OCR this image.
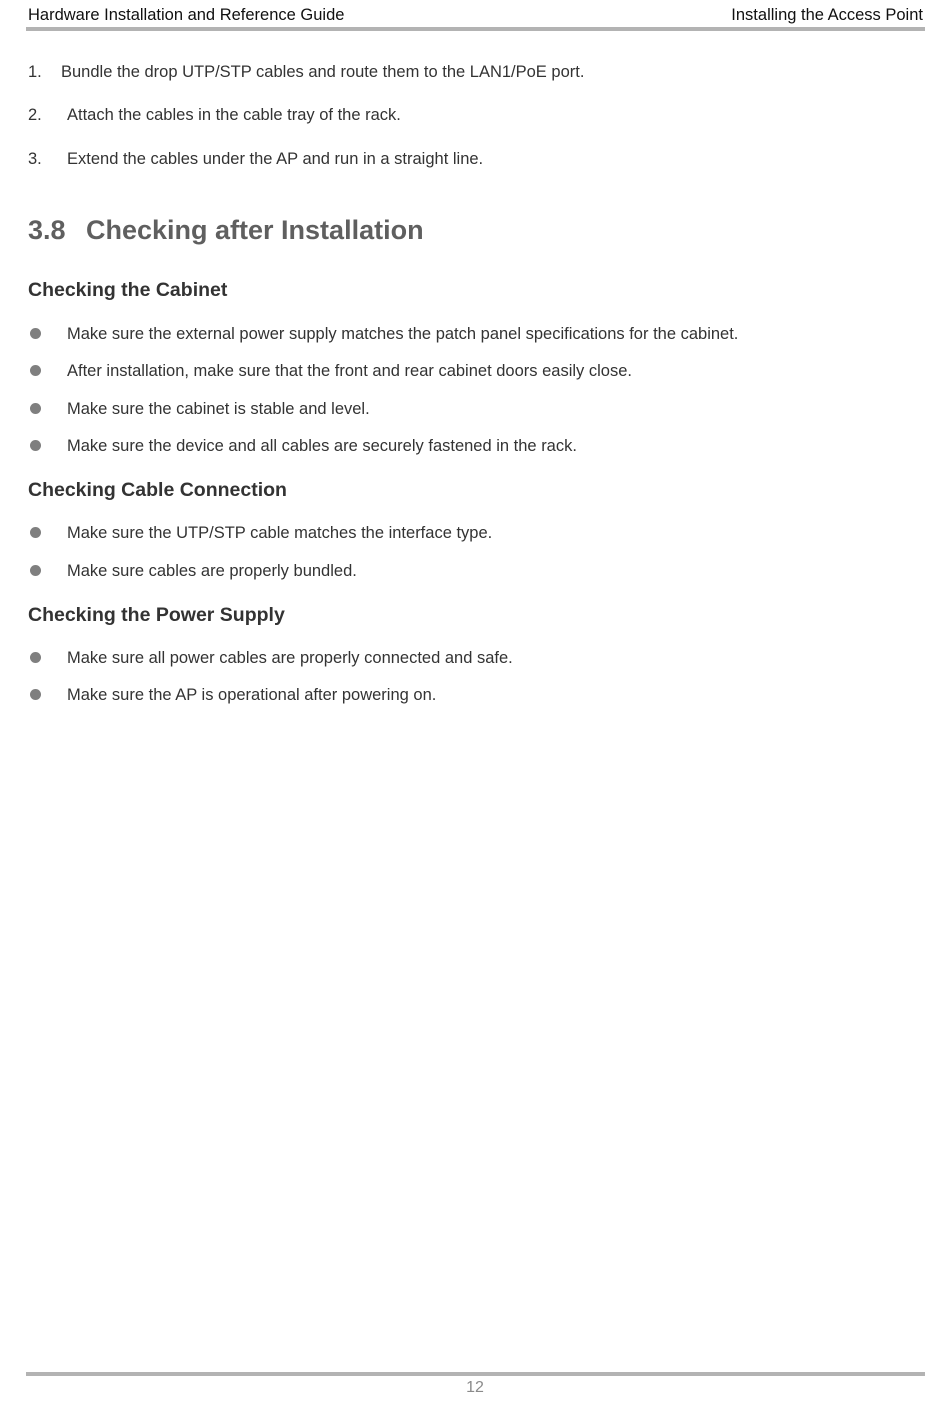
Hardware Installation and Reference Guide	Installing the Access Point
1. Bundle the drop UTP/STP cables and route them to the LAN1/PoE port.
2. Attach the cables in the cable tray of the rack.
3. Extend the cables under the AP and run in a straight line.
3.8 Checking after Installation
Checking the Cabinet
Make sure the external power supply matches the patch panel specifications for the cabinet.
After installation, make sure that the front and rear cabinet doors easily close.
Make sure the cabinet is stable and level.
Make sure the device and all cables are securely fastened in the rack.
Checking Cable Connection
Make sure the UTP/STP cable matches the interface type.
Make sure cables are properly bundled.
Checking the Power Supply
Make sure all power cables are properly connected and safe.
Make sure the AP is operational after powering on.
12
